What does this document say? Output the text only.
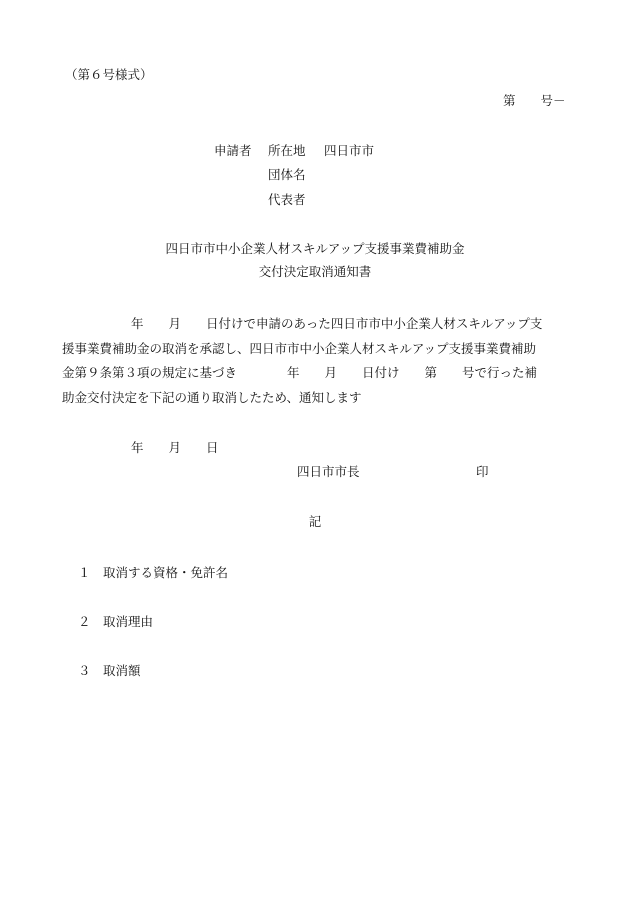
（第６号様式）
第　　号－
申請者 所在地 四日市市
団体名
代表者
四日市市中小企業人材スキルアップ支援事業費補助金
交付決定取消通知書
年　　月　　日付けで申請のあった四日市市中小企業人材スキルアップ支
援事業費補助金の取消を承認し、四日市市中小企業人材スキルアップ支援事業費補助
金第９条第３項の規定に基づき　　　　年　　月　　日付け　　第　　号で行った補
助金交付決定を下記の通り取消したため、通知します
年　　月　　日
四日市市長	印
記
１　取消する資格・免許名
２　取消理由
３　取消額
